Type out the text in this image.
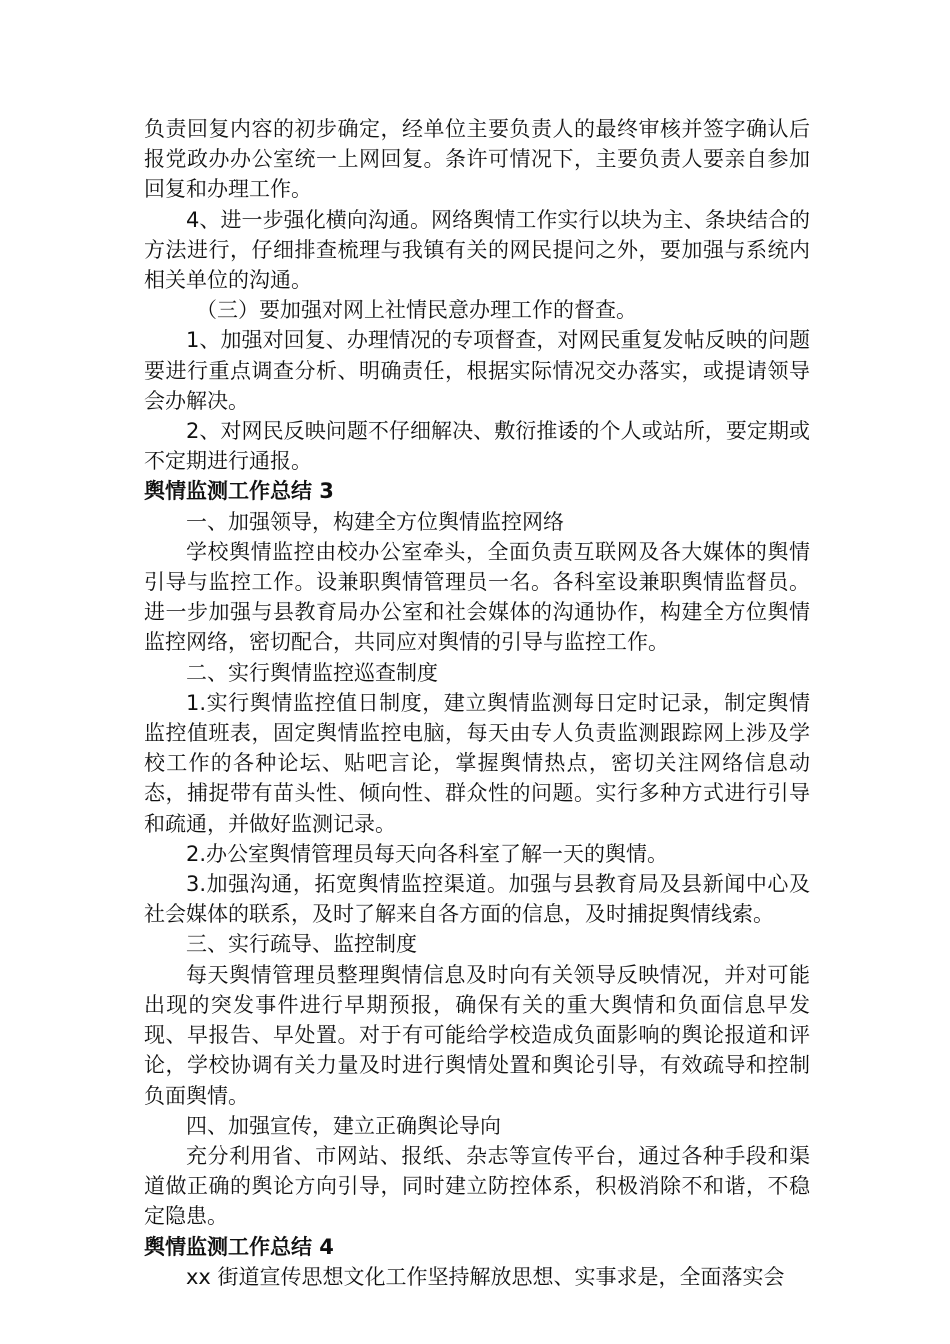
负责回复内容的初步确定，经单位主要负责人的最终审核并签字确认后报党政办办公室统一上网回复。条许可情况下，主要负责人要亲自参加回复和办理工作。

4、进一步强化横向沟通。网络舆情工作实行以块为主、条块结合的方法进行，仔细排查梳理与我镇有关的网民提问之外，要加强与系统内相关单位的沟通。

（三）要加强对网上社情民意办理工作的督查。

1、加强对回复、办理情况的专项督查，对网民重复发帖反映的问题要进行重点调查分析、明确责任，根据实际情况交办落实，或提请领导会办解决。

2、对网民反映问题不仔细解决、敷衍推诿的个人或站所，要定期或不定期进行通报。

舆情监测工作总结 3

一、加强领导，构建全方位舆情监控网络

学校舆情监控由校办公室牵头，全面负责互联网及各大媒体的舆情引导与监控工作。设兼职舆情管理员一名。各科室设兼职舆情监督员。进一步加强与县教育局办公室和社会媒体的沟通协作，构建全方位舆情监控网络，密切配合，共同应对舆情的引导与监控工作。

二、实行舆情监控巡查制度

1.实行舆情监控值日制度，建立舆情监测每日定时记录，制定舆情监控值班表，固定舆情监控电脑，每天由专人负责监测跟踪网上涉及学校工作的各种论坛、贴吧言论，掌握舆情热点，密切关注网络信息动态，捕捉带有苗头性、倾向性、群众性的问题。实行多种方式进行引导和疏通，并做好监测记录。

2.办公室舆情管理员每天向各科室了解一天的舆情。

3.加强沟通，拓宽舆情监控渠道。加强与县教育局及县新闻中心及社会媒体的联系，及时了解来自各方面的信息，及时捕捉舆情线索。

三、实行疏导、监控制度

每天舆情管理员整理舆情信息及时向有关领导反映情况，并对可能出现的突发事件进行早期预报，确保有关的重大舆情和负面信息早发现、早报告、早处置。对于有可能给学校造成负面影响的舆论报道和评论，学校协调有关力量及时进行舆情处置和舆论引导，有效疏导和控制负面舆情。

四、加强宣传，建立正确舆论导向

充分利用省、市网站、报纸、杂志等宣传平台，通过各种手段和渠道做正确的舆论方向引导，同时建立防控体系，积极消除不和谐，不稳定隐患。

舆情监测工作总结 4

xx 街道宣传思想文化工作坚持解放思想、实事求是，全面落实会
